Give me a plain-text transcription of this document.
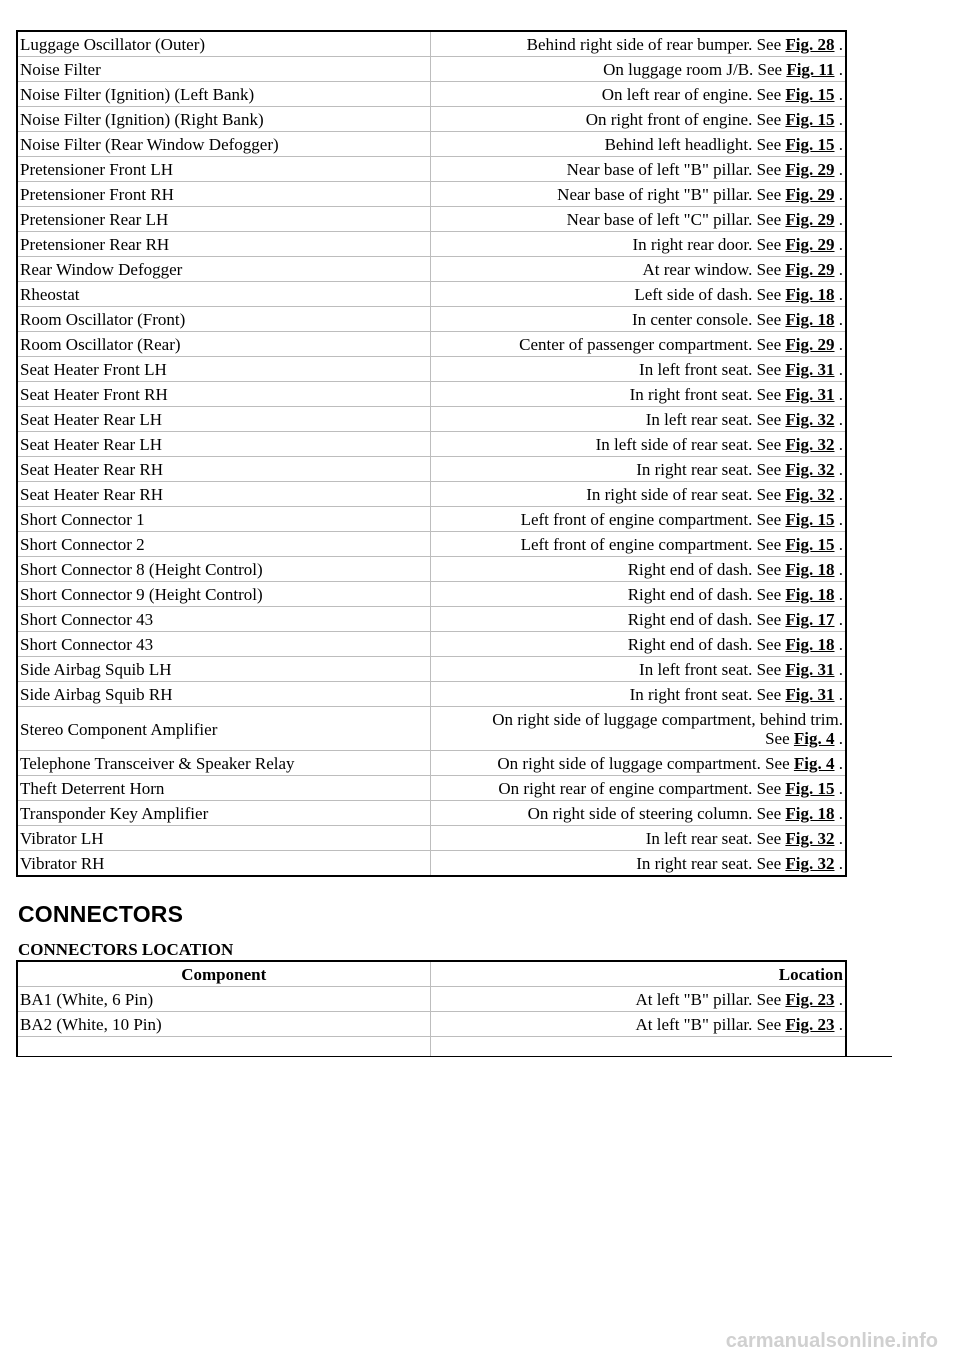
Luggage Oscillator (Outer)	Behind right side of rear bumper. See Fig. 28 .
Noise Filter	On luggage room J/B. See Fig. 11 .
Noise Filter (Ignition) (Left Bank)	On left rear of engine. See Fig. 15 .
Noise Filter (Ignition) (Right Bank)	On right front of engine. See Fig. 15 .
Noise Filter (Rear Window Defogger)	Behind left headlight. See Fig. 15 .
Pretensioner Front LH	Near base of left "B" pillar. See Fig. 29 .
Pretensioner Front RH	Near base of right "B" pillar. See Fig. 29 .
Pretensioner Rear LH	Near base of left "C" pillar. See Fig. 29 .
Pretensioner Rear RH	In right rear door. See Fig. 29 .
Rear Window Defogger	At rear window. See Fig. 29 .
Rheostat	Left side of dash. See Fig. 18 .
Room Oscillator (Front)	In center console. See Fig. 18 .
Room Oscillator (Rear)	Center of passenger compartment. See Fig. 29 .
Seat Heater Front LH	In left front seat. See Fig. 31 .
Seat Heater Front RH	In right front seat. See Fig. 31 .
Seat Heater Rear LH	In left rear seat. See Fig. 32 .
Seat Heater Rear LH	In left side of rear seat. See Fig. 32 .
Seat Heater Rear RH	In right rear seat. See Fig. 32 .
Seat Heater Rear RH	In right side of rear seat. See Fig. 32 .
Short Connector 1	Left front of engine compartment. See Fig. 15 .
Short Connector 2	Left front of engine compartment. See Fig. 15 .
Short Connector 8 (Height Control)	Right end of dash. See Fig. 18 .
Short Connector 9 (Height Control)	Right end of dash. See Fig. 18 .
Short Connector 43	Right end of dash. See Fig. 17 .
Short Connector 43	Right end of dash. See Fig. 18 .
Side Airbag Squib LH	In left front seat. See Fig. 31 .
Side Airbag Squib RH	In right front seat. See Fig. 31 .
Stereo Component Amplifier	On right side of luggage compartment, behind trim.
See Fig. 4 .
Telephone Transceiver & Speaker Relay	On right side of luggage compartment. See Fig. 4 .
Theft Deterrent Horn	On right rear of engine compartment. See Fig. 15 .
Transponder Key Amplifier	On right side of steering column. See Fig. 18 .
Vibrator LH	In left rear seat. See Fig. 32 .
Vibrator RH	In right rear seat. See Fig. 32 .
CONNECTORS
CONNECTORS LOCATION
Component	Location
BA1 (White, 6 Pin)	At left "B" pillar. See Fig. 23 .
BA2 (White, 10 Pin)	At left "B" pillar. See Fig. 23 .

carmanualsonline.info
